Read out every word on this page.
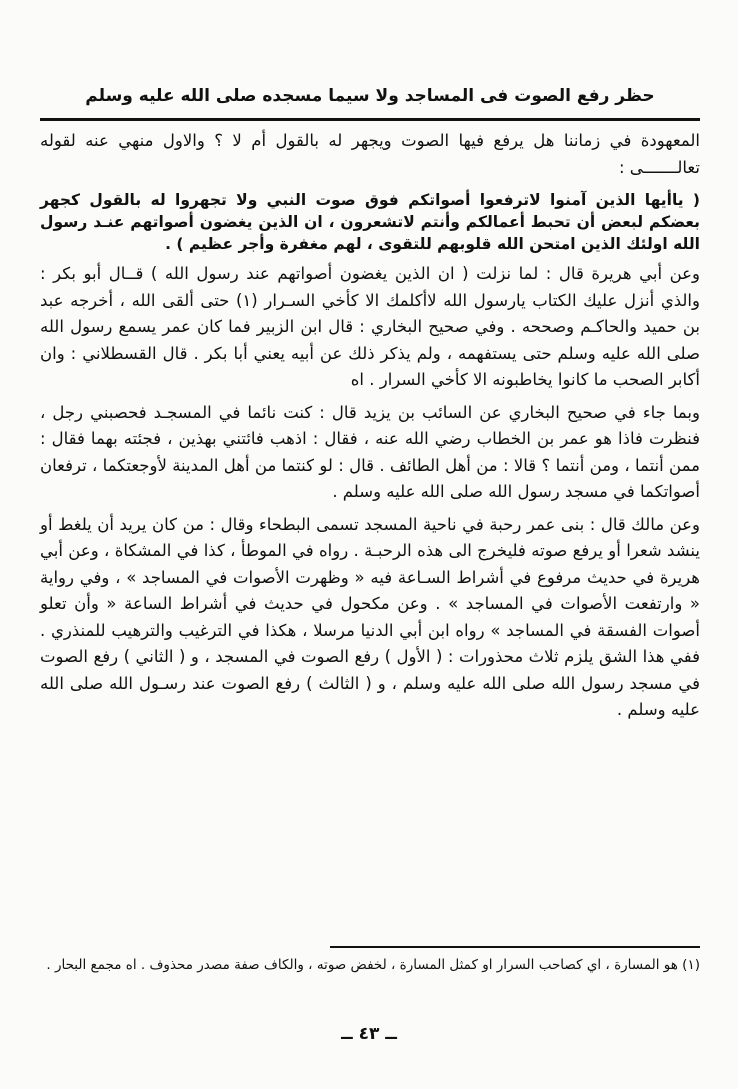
حظر رفع الصوت فى المساجد ولا سيما مسجده صلى الله عليه وسلم

المعهودة في زماننا هل يرفع فيها الصوت ويجهر له بالقول أم لا ؟ والاول منهي عنه لقوله تعالـــــــى :

( ياأيها الذين آمنوا لاترفعوا أصواتكم فوق صوت النبي ولا تجهروا له بالقول كجهر بعضكم لبعض أن تحبط أعمالكم وأنتم لاتشعرون ، ان الذين يغضون أصواتهم عنـد رسول الله اولئك الذين امتحن الله قلوبهم للتقوى ، لهم مغفرة وأجر عظيم ) .

وعن أبي هريرة قال : لما نزلت ( ان الذين يغضون أصواتهم عند رسول الله ) قــال أبو بكر : والذي أنزل عليك الكتاب يارسول الله لاأكلمك الا كأخي السـرار (١) حتى ألقى الله ، أخرجه عبد بن حميد والحاكـم وصححه . وفي صحيح البخاري : قال ابن الزبير فما كان عمر يسمع رسول الله صلى الله عليه وسلم حتى يستفهمه ، ولم يذكر ذلك عن أبيه يعني أبا بكر . قال القسطلاني : وان أكابر الصحب ما كانوا يخاطبونه الا كأخي السرار . اه

وبما جاء في صحيح البخاري عن السائب بن يزيد قال : كنت نائما في المسجـد فحصبني رجل ، فنظرت فاذا هو عمر بن الخطاب رضي الله عنه ، فقال : اذهب فائتني بهذين ، فجئته بهما فقال : ممن أنتما ، ومن أنتما ؟ قالا : من أهل الطائف . قال : لو كنتما من أهل المدينة لأوجعتكما ، ترفعان أصواتكما في مسجد رسول الله صلى الله عليه وسلم .

وعن مالك قال : بنى عمر رحبة في ناحية المسجد تسمى البطحاء وقال : من كان يريد أن يلغط أو ينشد شعرا أو يرفع صوته فليخرج الى هذه الرحبـة . رواه في الموطأ ، كذا في المشكاة ، وعن أبي هريرة في حديث مرفوع في أشراط السـاعة فيه « وظهرت الأصوات في المساجد » ، وفي رواية « وارتفعت الأصوات في المساجد » . وعن مكحول في حديث في أشراط الساعة « وأن تعلو أصوات الفسقة في المساجد » رواه ابن أبي الدنيا مرسلا ، هكذا في الترغيب والترهيب للمنذري . ففي هذا الشق يلزم ثلاث محذورات : ( الأول ) رفع الصوت في المسجد ، و ( الثاني ) رفع الصوت في مسجد رسول الله صلى الله عليه وسلم ، و ( الثالث ) رفع الصوت عند رسـول الله صلى الله عليه وسلم .

(١) هو المسارة ، اي كصاحب السرار او كمثل المسارة ، لخفض صوته ، والكاف صفة مصدر محذوف . اه مجمع البحار .
ــ ٤٣ ــ
